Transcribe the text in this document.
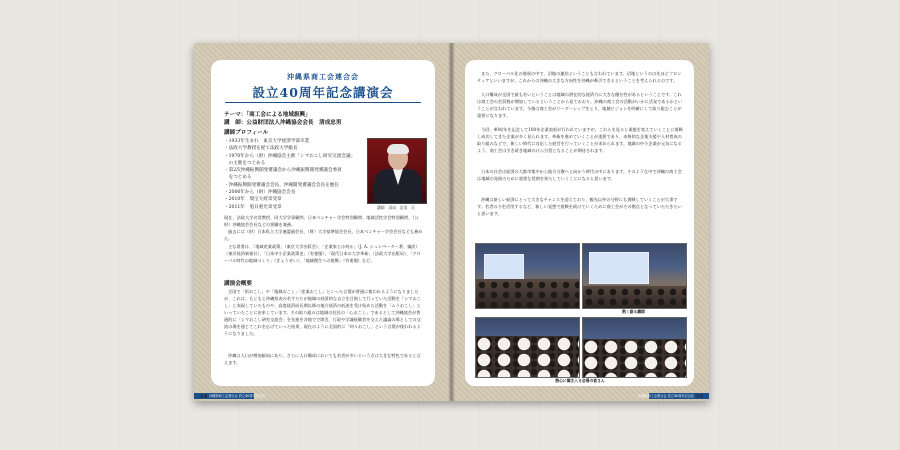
沖縄県商工会連合会
設立40周年記念講演会
テーマ：「商工会による地域振興」
講　師：公益財団法人沖縄協会会長　清成忠男
講師プロフィール
・1933年生まれ　東京大学経済学部卒業
・法政大学教授を経て法政大学総長
・1970年から（財）沖縄協会主催「シマおこし研究交流会議」
　の主催をつとめる
・第2次沖縄振興開発審議会から沖縄振興開発審議会委員
　をつとめる
・沖縄振興開発審議会会長、沖縄開発審議会会長を歴任
・2006年から（財）沖縄協会会長
・2010年　瑞宝大綬章受章
・2011年　旭日重光章受章	講師　清成　忠男　氏

現在、法政大学名誉教授、同大学学事顧問、日本ベンチャー学会特別顧問、地域活性学会特別顧問、（公財）沖縄協会会長などの要職を兼務。

過去には（財）日本私立大学連盟副会長、（財）大学基準協会会長、日本ベンチャー学会会長なども務めた。

主な著書は、「地域産業政策」（東京大学出版会）、「企業家とは何か」（J. A. シュンペーター著、編訳）（東洋経済新報社）、「日本中小企業政策史」（有斐閣）、「現代日本の大学革新」（法政大学出版局）、「グローバル時代の地域づくり」（ぎょうせい）、「地域創生への挑戦」（有斐閣）など。

講演会概要

全国で「街おこし」や「地域おこし」「産業おこし」といった言葉が普通に使われるようになりましたが、これは、もともと沖縄県表の若手たちが地域の経済的な自立を目指して行っていた活動を「シマおこし」と表現していたものや、高度経済成長期以降の地方経済の低迷を受け始めた活動を「ムラおこし」といっていたことに由来しています。その取り組みは地域の住民の「心おこし」であるとして沖縄協会が普通的に「シマおこし研究交流会」を先進を各地でで開き、行政や学識経験者を交えた議論の場としての交流の場を通じてこれを広げていった結果、現在のように全国的に「何々おこし」という言葉が使われるようになりました。

沖縄は人口が増加傾向にあり、さらに人口構成においても若者が多いという点は大きな特色であると言えます。

14 沖縄県商工会連合会 設立40周年記念誌

また、グローバル化の進展の中で、沼地の連結ということも言われています。沼地というのは先ほどフロンティアといいますが、これからの沖縄の大きな方向性を沖縄が牽引できるということを考えられるのです。

人口構成が全国で最も若いということは地域の潜在的な経済力に大きな優位性があるということです。これは商工会の会員数が増加しているということから見ておおり、沖縄の商工会の活動がいかに活発であるかということが言われています。今後は商工会がリーダーシップをとり、地域ビジョンを明確にして取り組むことが重要になります。

今回、40周年を記念して100年企業表彰が行われていますが、これらを見ると業態を変えていくことに挑戦し成功してきた企業が多く見られます。革新を進めていくことが重要であり、本格的な企業支援や人材育成の取り組みなどで、新しい時代に対応した経営を行っていくことが求められます。地域の中小企業が元気になるよう、商工会は引き続き地域のけん引役となることが期待されます。

日本の社会は経済の大都市集中から地方分散へと向かう時代の中にあります。そのような中で沖縄の商工会は地域の発展のために重要な役割を果たしていくことになると思います。

沖縄は新しい経済にとって大きなチャンスを迎えており、観光以外の分野にも挑戦していくことが大事です。若者の力を活用するなど、新しい発想で挑戦を続けていくために商工会がその拠点となっていただきたいと思います。

熱く語る講師
熱心に聞き入る会場の皆さん
沖縄県商工会連合会 設立40周年記念誌 15
